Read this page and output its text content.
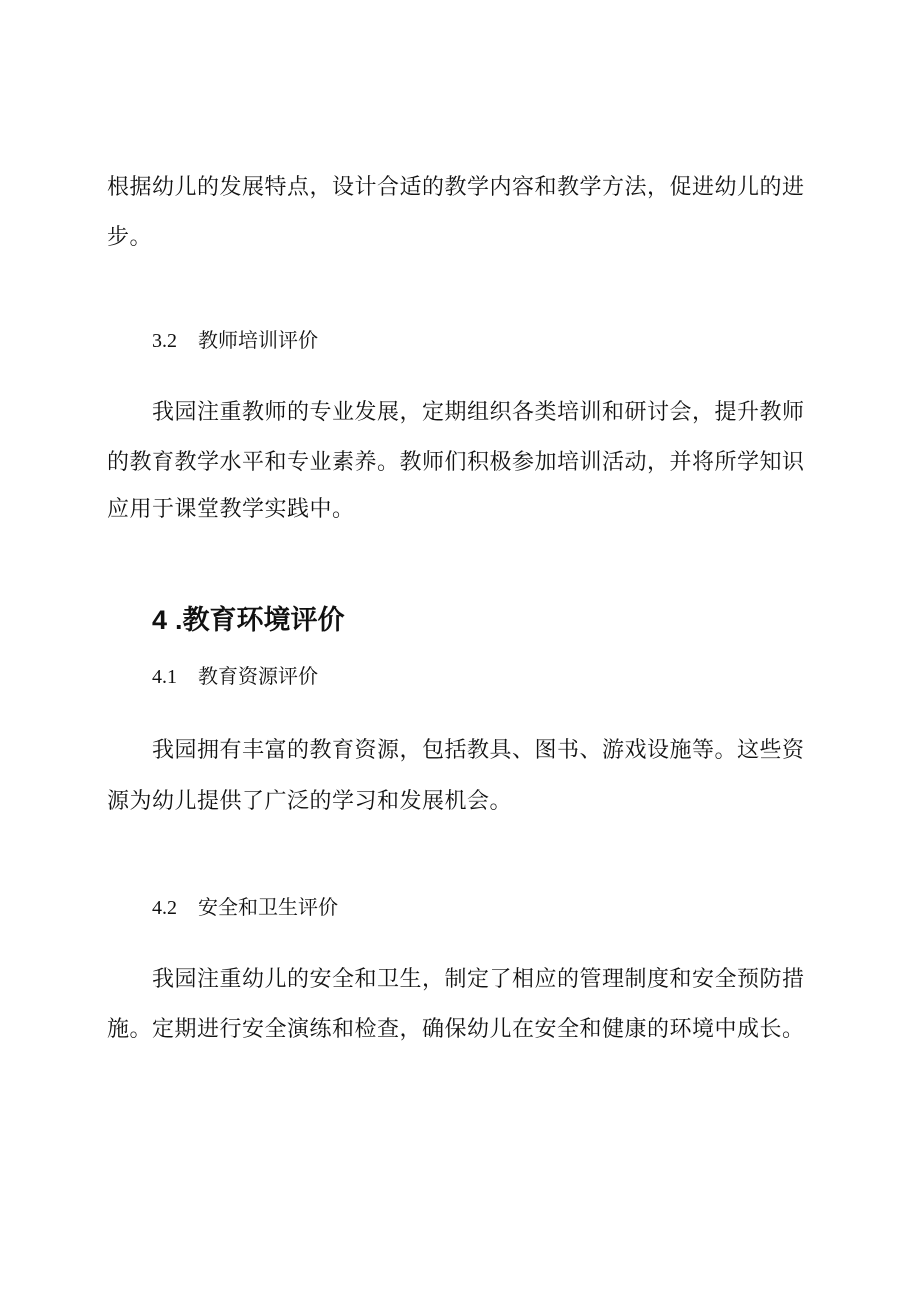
根据幼儿的发展特点，设计合适的教学内容和教学方法，促进幼儿的进
步。
3.2 教师培训评价
我园注重教师的专业发展，定期组织各类培训和研讨会，提升教师
的教育教学水平和专业素养。教师们积极参加培训活动，并将所学知识
应用于课堂教学实践中。
4 .教育环境评价
4.1 教育资源评价
我园拥有丰富的教育资源，包括教具、图书、游戏设施等。这些资
源为幼儿提供了广泛的学习和发展机会。
4.2 安全和卫生评价
我园注重幼儿的安全和卫生，制定了相应的管理制度和安全预防措
施。定期进行安全演练和检查，确保幼儿在安全和健康的环境中成长。
